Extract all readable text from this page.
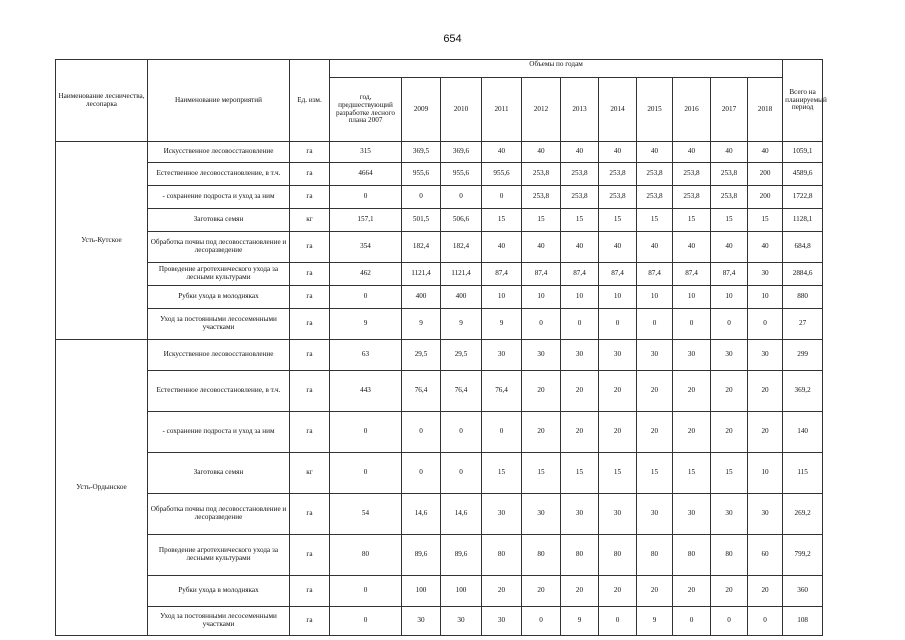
654
Наименование лесничества, лесопарка	Наименование мероприятий	Ед. изм.	Объемы по годам											Всего на планируемый период
			год, предшествующий разработке лесного плана 2007	2009	2010	2011	2012	2013	2014	2015	2016	2017	2018	
Усть-Кутское	Искусственное лесовосстановление	га	315	369,5	369,6	40	40	40	40	40	40	40	40	1059,1
	Естественное лесовосстановление, в т.ч.	га	4664	955,6	955,6	955,6	253,8	253,8	253,8	253,8	253,8	253,8	200	4589,6
	- сохранение подроста и уход за ним	га	0	0	0	0	253,8	253,8	253,8	253,8	253,8	253,8	200	1722,8
	Заготовка семян	кг	157,1	501,5	506,6	15	15	15	15	15	15	15	15	1128,1
	Обработка почвы под лесовосстановление и лесоразведение	га	354	182,4	182,4	40	40	40	40	40	40	40	40	684,8
	Проведение агротехнического ухода за лесными культурами	га	462	1121,4	1121,4	87,4	87,4	87,4	87,4	87,4	87,4	87,4	30	2884,6
	Рубки ухода в молодняках	га	0	400	400	10	10	10	10	10	10	10	10	880
	Уход за постоянными лесосеменными участками	га	9	9	9	9	0	0	0	0	0	0	0	27
Усть-Ордынское	Искусственное лесовосстановление	га	63	29,5	29,5	30	30	30	30	30	30	30	30	299
	Естественное лесовосстановление, в т.ч.	га	443	76,4	76,4	76,4	20	20	20	20	20	20	20	369,2
	- сохранение подроста и уход за ним	га	0	0	0	0	20	20	20	20	20	20	20	140
	Заготовка семян	кг	0	0	0	15	15	15	15	15	15	15	10	115
	Обработка почвы под лесовосстановление и лесоразведение	га	54	14,6	14,6	30	30	30	30	30	30	30	30	269,2
	Проведение агротехнического ухода за лесными культурами	га	80	89,6	89,6	80	80	80	80	80	80	80	60	799,2
	Рубки ухода в молодняках	га	0	100	100	20	20	20	20	20	20	20	20	360
	Уход за постоянными лесосеменными участками	га	0	30	30	30	0	9	0	9	0	0	0	108
